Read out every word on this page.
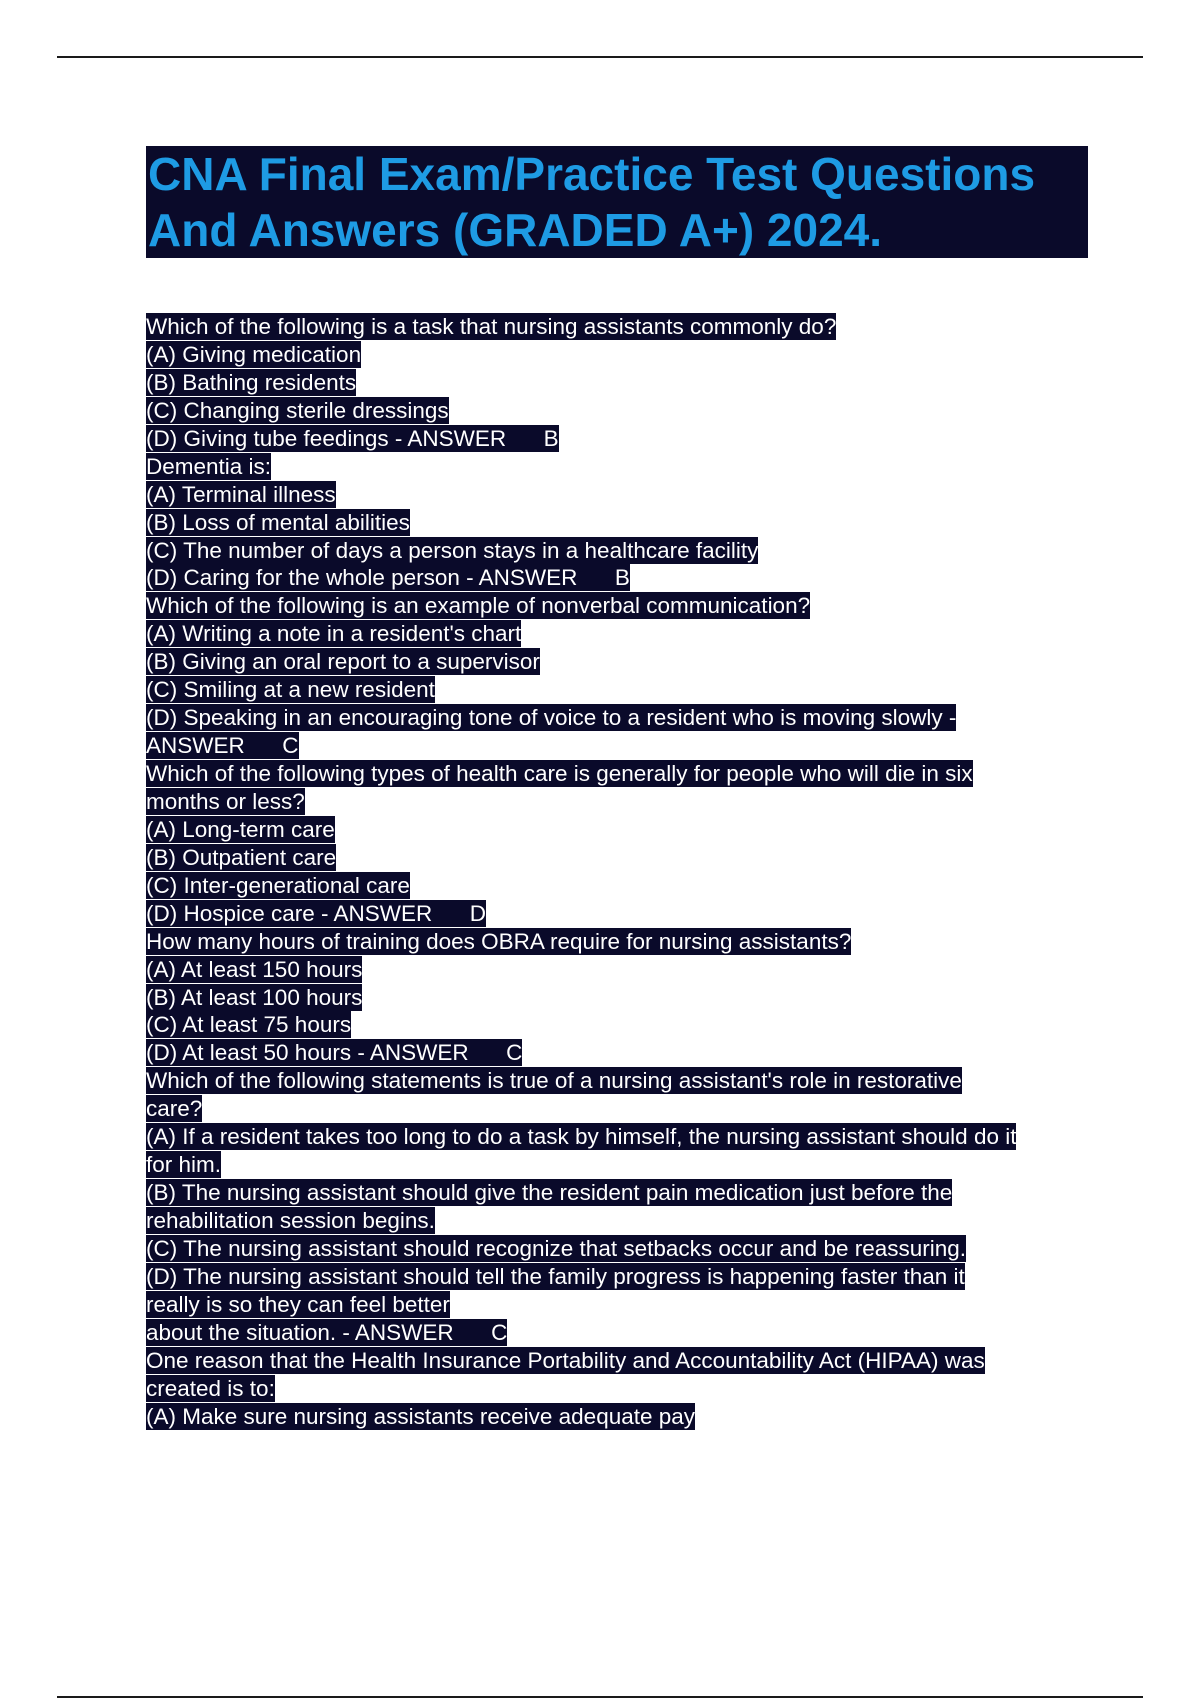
CNA Final Exam/Practice Test Questions
And Answers (GRADED A+) 2024.
Which of the following is a task that nursing assistants commonly do?
(A) Giving medication
(B) Bathing residents
(C) Changing sterile dressings
(D) Giving tube feedings - ANSWER      B
Dementia is:
(A) Terminal illness
(B) Loss of mental abilities
(C) The number of days a person stays in a healthcare facility
(D) Caring for the whole person - ANSWER      B
Which of the following is an example of nonverbal communication?
(A) Writing a note in a resident's chart
(B) Giving an oral report to a supervisor
(C) Smiling at a new resident
(D) Speaking in an encouraging tone of voice to a resident who is moving slowly -
ANSWER      C
Which of the following types of health care is generally for people who will die in six
months or less?
(A) Long-term care
(B) Outpatient care
(C) Inter-generational care
(D) Hospice care - ANSWER      D
How many hours of training does OBRA require for nursing assistants?
(A) At least 150 hours
(B) At least 100 hours
(C) At least 75 hours
(D) At least 50 hours - ANSWER      C
Which of the following statements is true of a nursing assistant's role in restorative
care?
(A) If a resident takes too long to do a task by himself, the nursing assistant should do it
for him.
(B) The nursing assistant should give the resident pain medication just before the
rehabilitation session begins.
(C) The nursing assistant should recognize that setbacks occur and be reassuring.
(D) The nursing assistant should tell the family progress is happening faster than it
really is so they can feel better
about the situation. - ANSWER      C
One reason that the Health Insurance Portability and Accountability Act (HIPAA) was
created is to:
(A) Make sure nursing assistants receive adequate pay
